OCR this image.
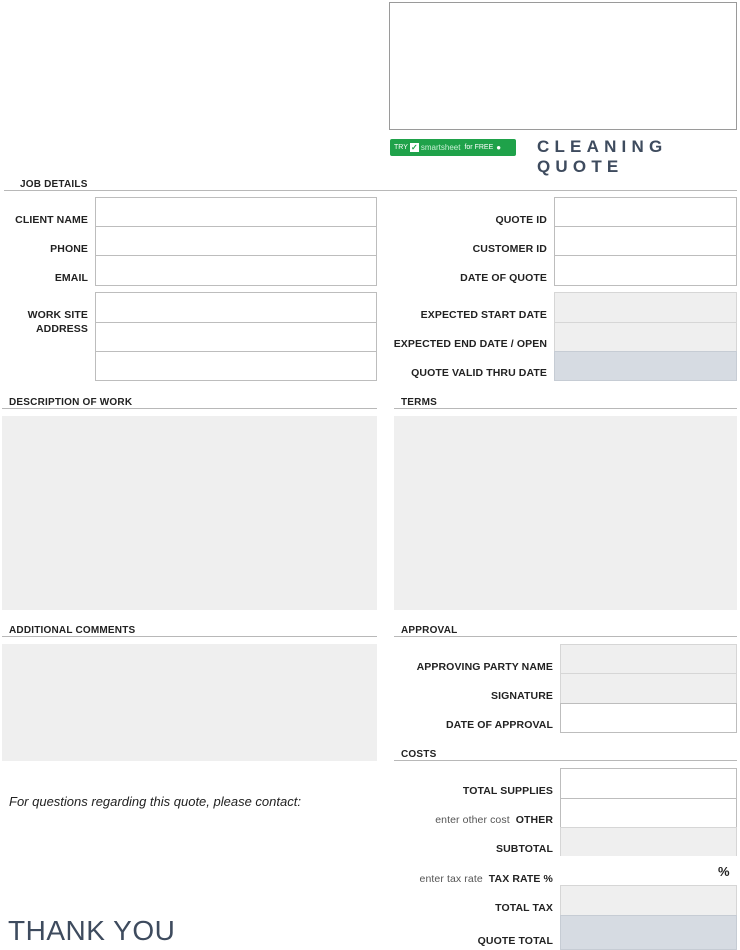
TRY ✓ smartsheet for FREE ● CLEANING QUOTE
JOB DETAILS
CLIENT NAME
PHONE
EMAIL
WORK SITE
ADDRESS
QUOTE ID
CUSTOMER ID
DATE OF QUOTE
EXPECTED START DATE
EXPECTED END DATE / OPEN
QUOTE VALID THRU DATE
DESCRIPTION OF WORK	TERMS
ADDITIONAL COMMENTS	APPROVAL
APPROVING PARTY NAME
SIGNATURE
DATE OF APPROVAL
COSTS
TOTAL SUPPLIES
enter other cost OTHER
SUBTOTAL
enter tax rate TAX RATE %	%
TOTAL TAX
QUOTE TOTAL
For questions regarding this quote, please contact:
THANK YOU
